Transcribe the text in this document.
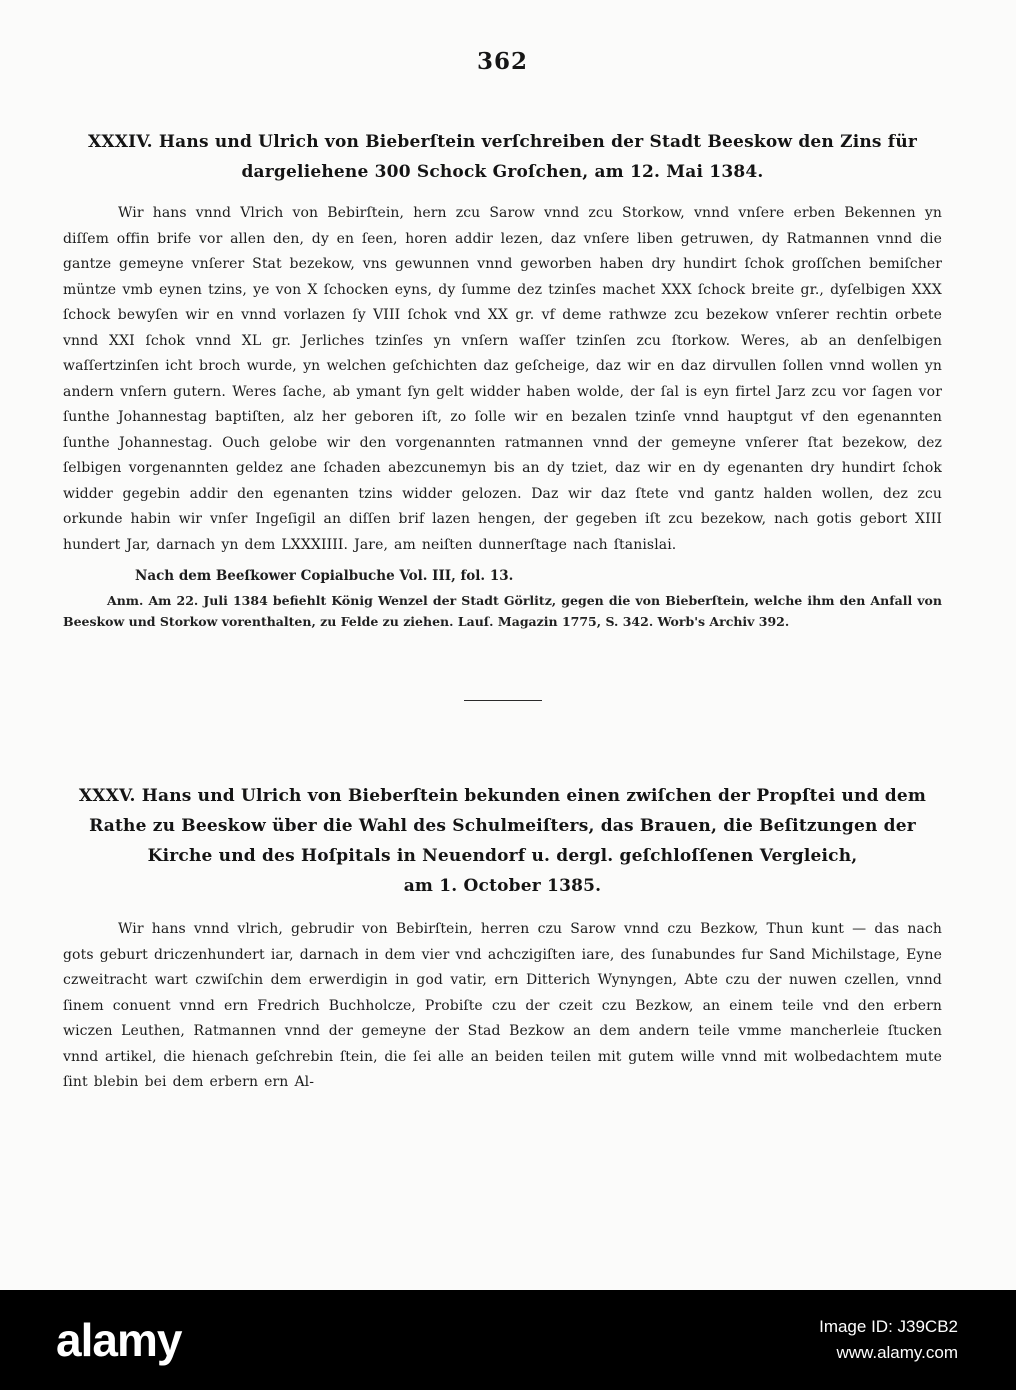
362
XXXIV. Hans und Ulrich von Bieberſtein verſchreiben der Stadt Beeskow den Zins für
dargeliehene 300 Schock Groſchen, am 12. Mai 1384.

Wir hans vnnd Vlrich von Bebirſtein, hern zcu Sarow vnnd zcu Storkow, vnnd vnſere erben Bekennen yn diſſem offin brife vor allen den, dy en ſeen, horen addir lezen, daz vnſere liben getruwen, dy Ratmannen vnnd die gantze gemeyne vnſerer Stat bezekow, vns gewunnen vnnd geworben haben dry hundirt ſchok groſſchen bemiſcher müntze vmb eynen tzins, ye von X ſchocken eyns, dy ſumme dez tzinſes machet XXX ſchock breite gr., dyſelbigen XXX ſchock bewyſen wir en vnnd vorlazen ſy VIII ſchok vnd XX gr. vf deme rathwze zcu bezekow vnſerer rechtin orbete vnnd XXI ſchok vnnd XL gr. Jerliches tzinſes yn vnſern waſſer tzinſen zcu ſtorkow. Weres, ab an denſelbigen waſſertzinſen icht broch wurde, yn welchen geſchichten daz geſcheige, daz wir en daz dirvullen ſollen vnnd wollen yn andern vnſern gutern. Weres ſache, ab ymant ſyn gelt widder haben wolde, der ſal is eyn firtel Jarz zcu vor ſagen vor ſunthe Johannestag baptiſten, alz her geboren iſt, zo ſolle wir en bezalen tzinſe vnnd hauptgut vf den egenannten ſunthe Johannestag. Ouch gelobe wir den vorgenannten ratmannen vnnd der gemeyne vnſerer ſtat bezekow, dez ſelbigen vorgenannten geldez ane ſchaden abezcunemyn bis an dy tziet, daz wir en dy egenanten dry hundirt ſchok widder gegebin addir den egenanten tzins widder gelozen. Daz wir daz ſtete vnd gantz halden wollen, dez zcu orkunde habin wir vnſer Ingeſigil an diſſen brif lazen hengen, der gegeben iſt zcu bezekow, nach gotis gebort XIII hundert Jar, darnach yn dem LXXXIIII. Jare, am neiſten dunnerſtage nach ſtanislai.

Nach dem Beeſkower Copialbuche Vol. III, fol. 13.

Anm. Am 22. Juli 1384 befiehlt König Wenzel der Stadt Görlitz, gegen die von Bieberſtein, welche ihm den Anfall von Beeskow und Storkow vorenthalten, zu Felde zu ziehen. Lauſ. Magazin 1775, S. 342. Worb's Archiv 392.

XXXV. Hans und Ulrich von Bieberſtein bekunden einen zwiſchen der Propſtei und dem
Rathe zu Beeskow über die Wahl des Schulmeiſters, das Brauen, die Beſitzungen der
Kirche und des Hoſpitals in Neuendorf u. dergl. geſchloſſenen Vergleich,
am 1. October 1385.

Wir hans vnnd vlrich, gebrudir von Bebirſtein, herren czu Sarow vnnd czu Bezkow, Thun kunt — das nach gots geburt driczenhundert iar, darnach in dem vier vnd achczigiſten iare, des ſunabundes fur Sand Michilstage, Eyne czweitracht wart czwiſchin dem erwerdigin in god vatir, ern Ditterich Wynyngen, Abte czu der nuwen czellen, vnnd ſinem conuent vnnd ern Fredrich Buchholcze, Probiſte czu der czeit czu Bezkow, an einem teile vnd den erbern wiczen Leuthen, Ratmannen vnnd der gemeyne der Stad Bezkow an dem andern teile vmme mancherleie ſtucken vnnd artikel, die hienach geſchrebin ſtein, die ſei alle an beiden teilen mit gutem wille vnnd mit wolbedachtem mute ſint blebin bei dem erbern ern Al-

alamy	Image ID: J39CB2
www.alamy.com
